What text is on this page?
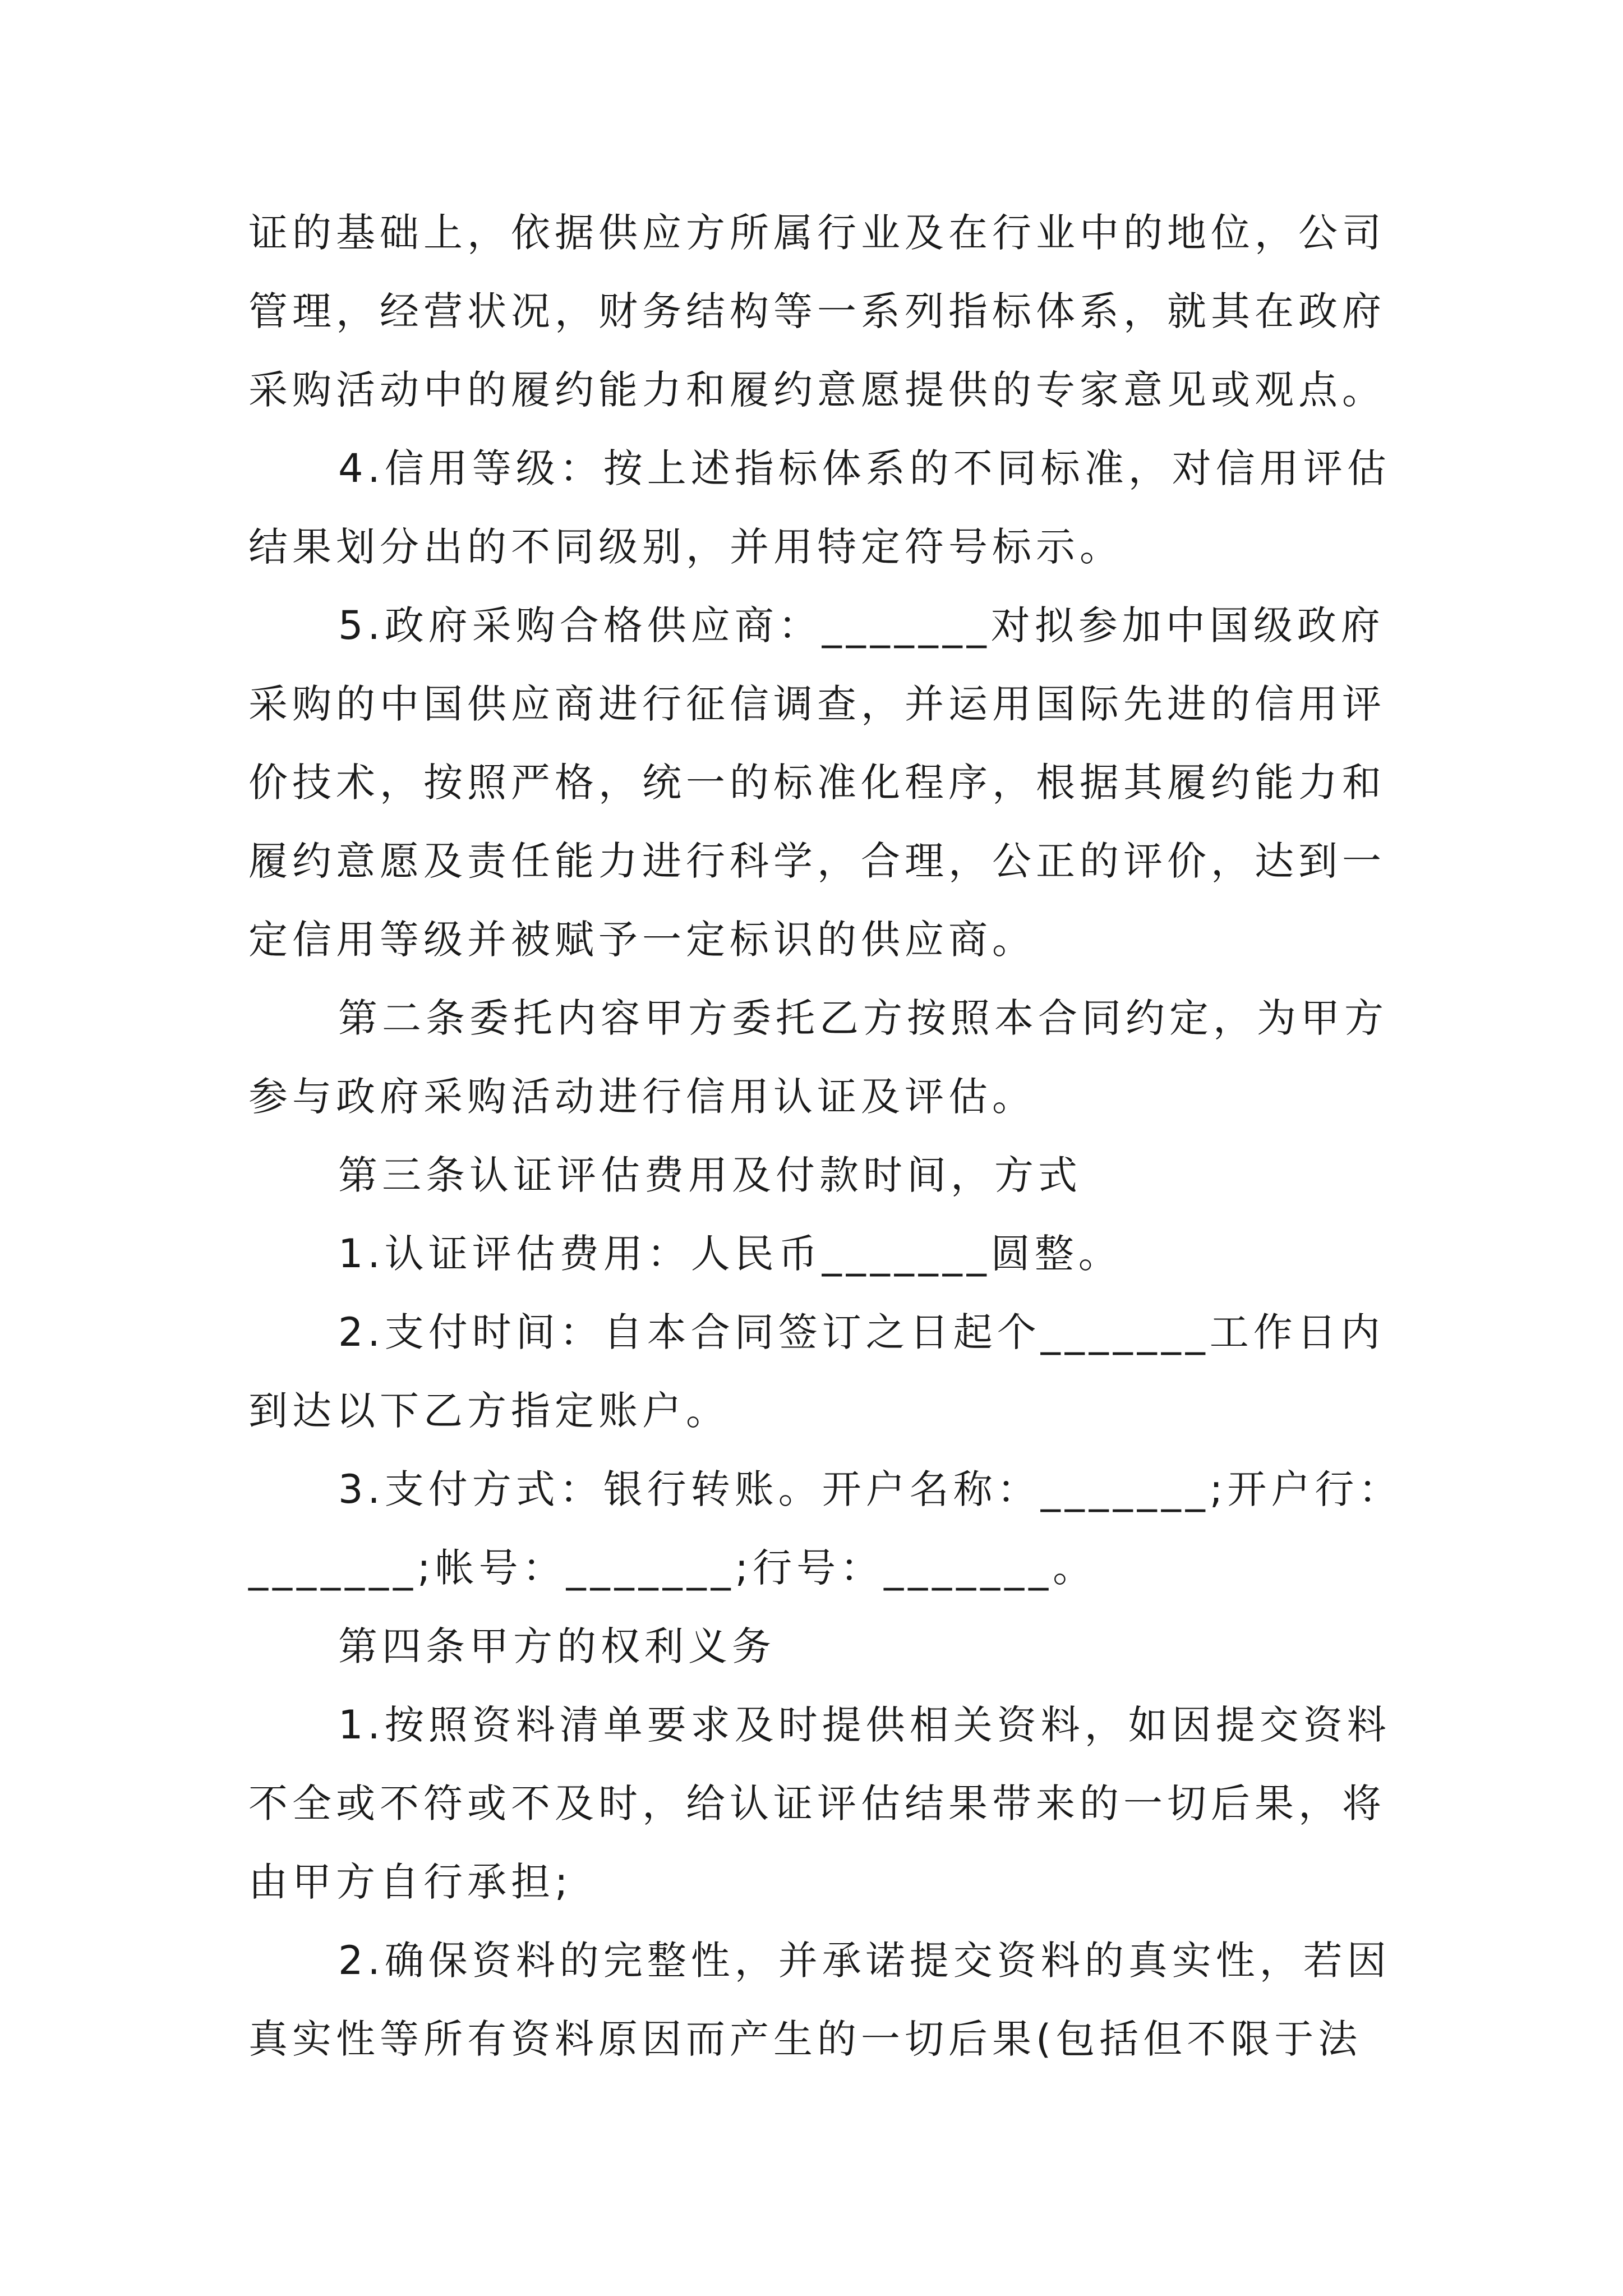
证的基础上，依据供应方所属行业及在行业中的地位，公司
管理，经营状况，财务结构等一系列指标体系，就其在政府
采购活动中的履约能力和履约意愿提供的专家意见或观点。
4.信用等级：按上述指标体系的不同标准，对信用评估
结果划分出的不同级别，并用特定符号标示。
5.政府采购合格供应商：_______对拟参加中国级政府
采购的中国供应商进行征信调查，并运用国际先进的信用评
价技术，按照严格，统一的标准化程序，根据其履约能力和
履约意愿及责任能力进行科学，合理，公正的评价，达到一
定信用等级并被赋予一定标识的供应商。
第二条委托内容甲方委托乙方按照本合同约定，为甲方
参与政府采购活动进行信用认证及评估。
第三条认证评估费用及付款时间，方式
1.认证评估费用：人民币_______圆整。
2.支付时间：自本合同签订之日起个_______工作日内
到达以下乙方指定账户。
3.支付方式：银行转账。开户名称：_______;开户行：
_______;帐号：_______;行号：_______。
第四条甲方的权利义务
1.按照资料清单要求及时提供相关资料，如因提交资料
不全或不符或不及时，给认证评估结果带来的一切后果，将
由甲方自行承担;
2.确保资料的完整性，并承诺提交资料的真实性，若因
真实性等所有资料原因而产生的一切后果(包括但不限于法
